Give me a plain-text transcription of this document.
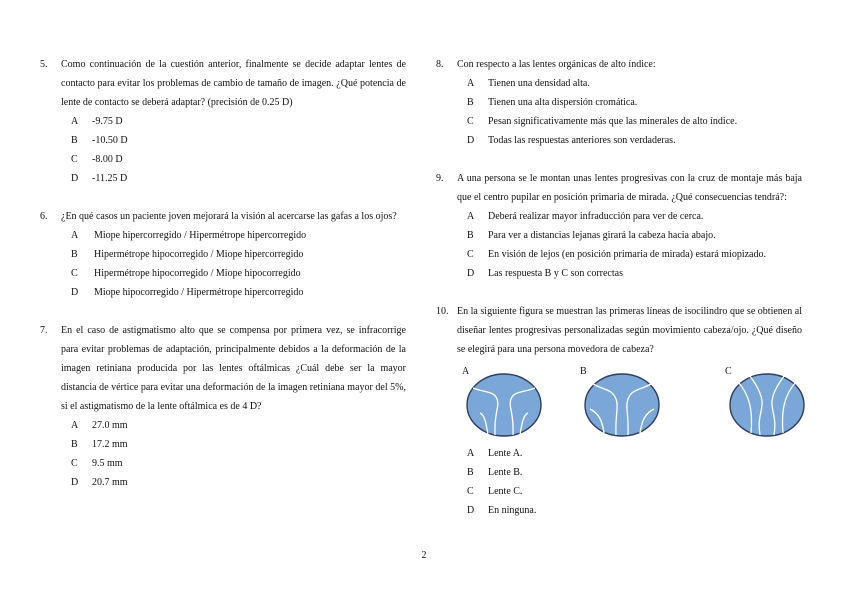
5. Como continuación de la cuestión anterior, finalmente se decide adaptar lentes de contacto para evitar los problemas de cambio de tamaño de imagen. ¿Qué potencia de lente de contacto se deberá adaptar? (precisión de 0.25 D)

A -9.75 D
B -10.50 D
C -8.00 D
D -11.25 D
6. ¿En qué casos un paciente joven mejorará la visión al acercarse las gafas a los ojos?

A Miope hipercorregido / Hipermétrope hipercorregido
B Hipermétrope hipocorregido / Miope hipercorregido
C Hipermétrope hipocorregido / Miope hipocorregido
D Miope hipocorregido / Hipermétrope hipercorregido
7. En el caso de astigmatismo alto que se compensa por primera vez, se infracorrige para evitar problemas de adaptación, principalmente debidos a la deformación de la imagen retiniana producida por las lentes oftálmicas ¿Cuál debe ser la mayor distancia de vértice para evitar una deformación de la imagen retiniana mayor del 5%, si el astigmatismo de la lente oftálmica es de 4 D?

A 27.0 mm
B 17.2 mm
C 9.5 mm
D 20.7 mm
8. Con respecto a las lentes orgánicas de alto índice:

A Tienen una densidad alta.
B Tienen una alta dispersión cromática.
C Pesan significativamente más que las minerales de alto índice.
D Todas las respuestas anteriores son verdaderas.
9. A una persona se le montan unas lentes progresivas con la cruz de montaje más baja que el centro pupilar en posición primaria de mirada. ¿Qué consecuencias tendrá?:

A Deberá realizar mayor infraducción para ver de cerca.
B Para ver a distancias lejanas girará la cabeza hacia abajo.
C En visión de lejos (en posición primaria de mirada) estará miopizado.
D Las respuesta B y C son correctas
10. En la siguiente figura se muestran las primeras líneas de isocilindro que se obtienen al diseñar lentes progresivas personalizadas según movimiento cabeza/ojo. ¿Qué diseño se elegirá para una persona movedora de cabeza?

A	B	C
A Lente A.
B Lente B.
C Lente C.
D En ninguna.
2
